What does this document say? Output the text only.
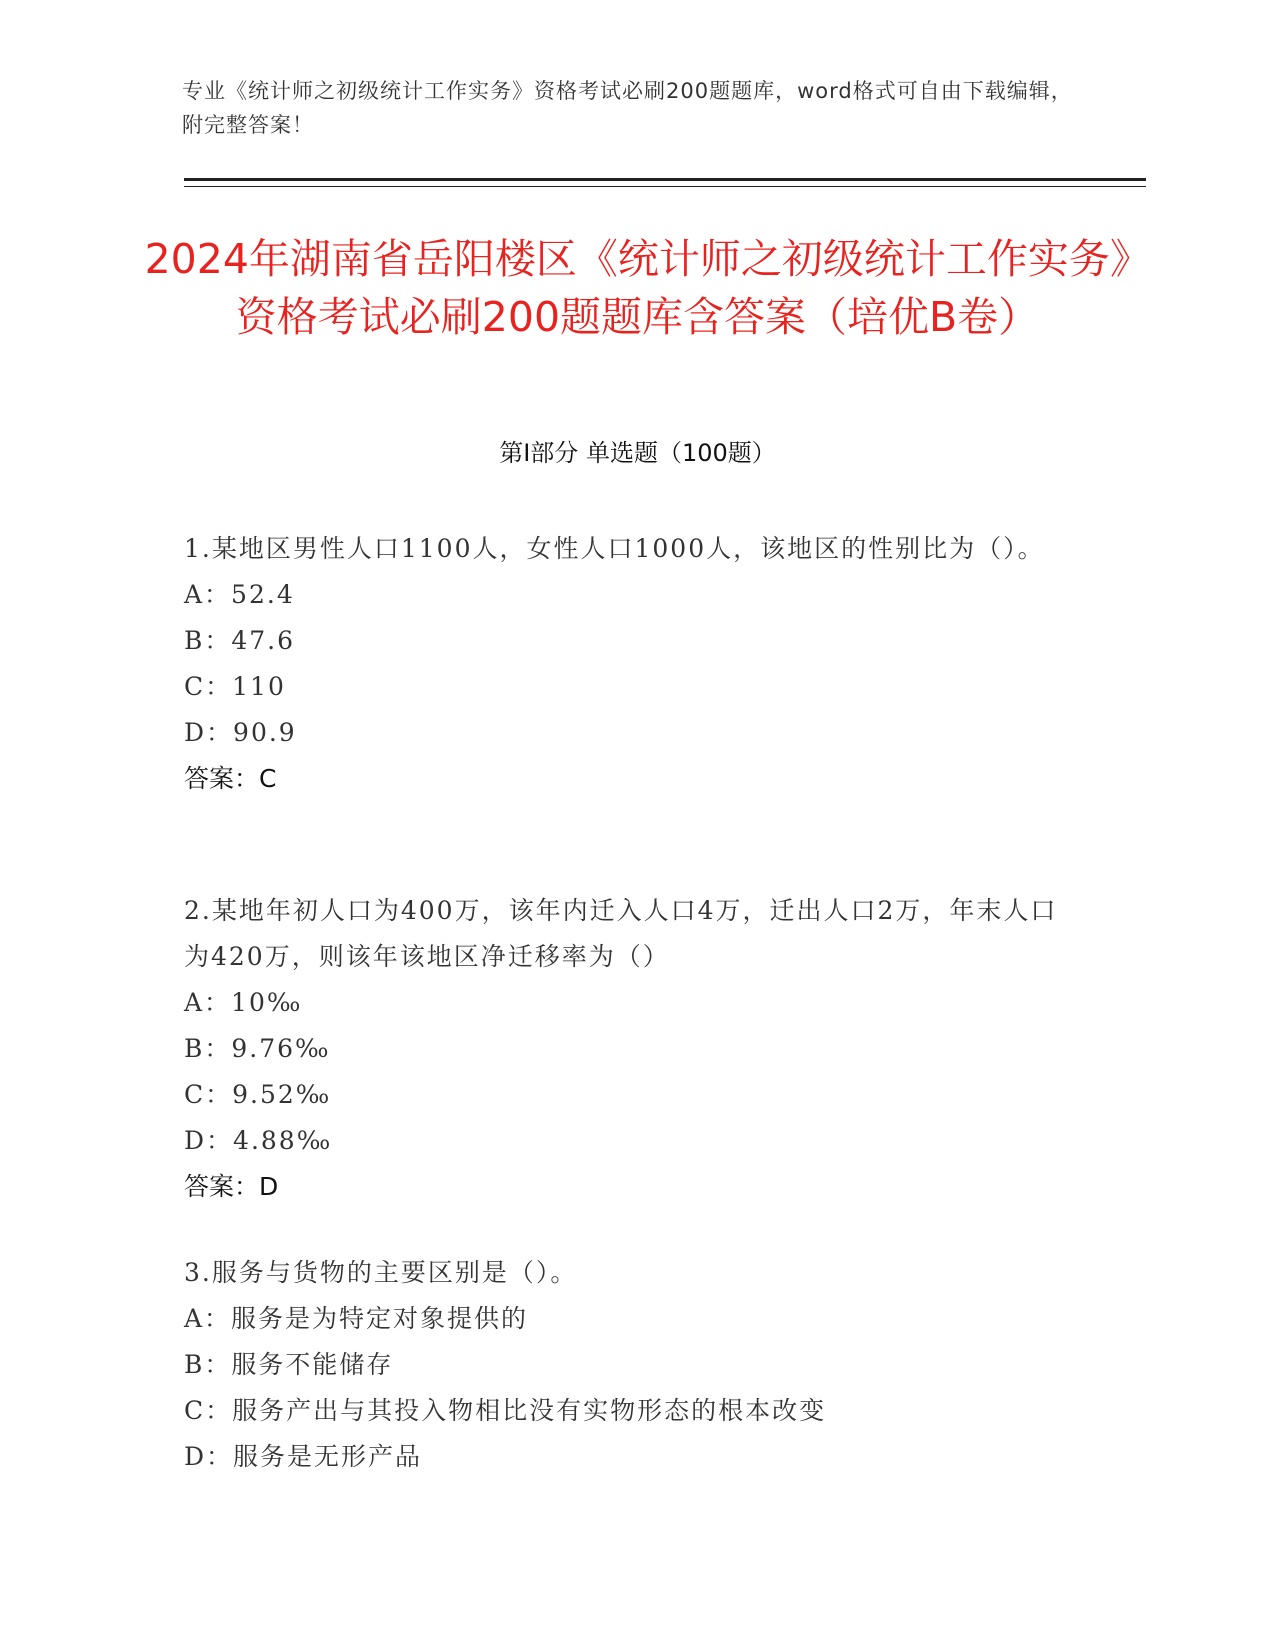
专业《统计师之初级统计工作实务》资格考试必刷200题题库，word格式可自由下载编辑，附完整答案！
2024年湖南省岳阳楼区《统计师之初级统计工作实务》资格考试必刷200题题库含答案（培优B卷）
第Ⅰ部分 单选题（100题）
1.某地区男性人口1100人，女性人口1000人，该地区的性别比为（）。
A：52.4
B：47.6
C：110
D：90.9
答案：C
2.某地年初人口为400万，该年内迁入人口4万，迁出人口2万，年末人口为420万，则该年该地区净迁移率为（）
A：10‰
B：9.76‰
C：9.52‰
D：4.88‰
答案：D
3.服务与货物的主要区别是（）。
A：服务是为特定对象提供的
B：服务不能储存
C：服务产出与其投入物相比没有实物形态的根本改变
D：服务是无形产品
